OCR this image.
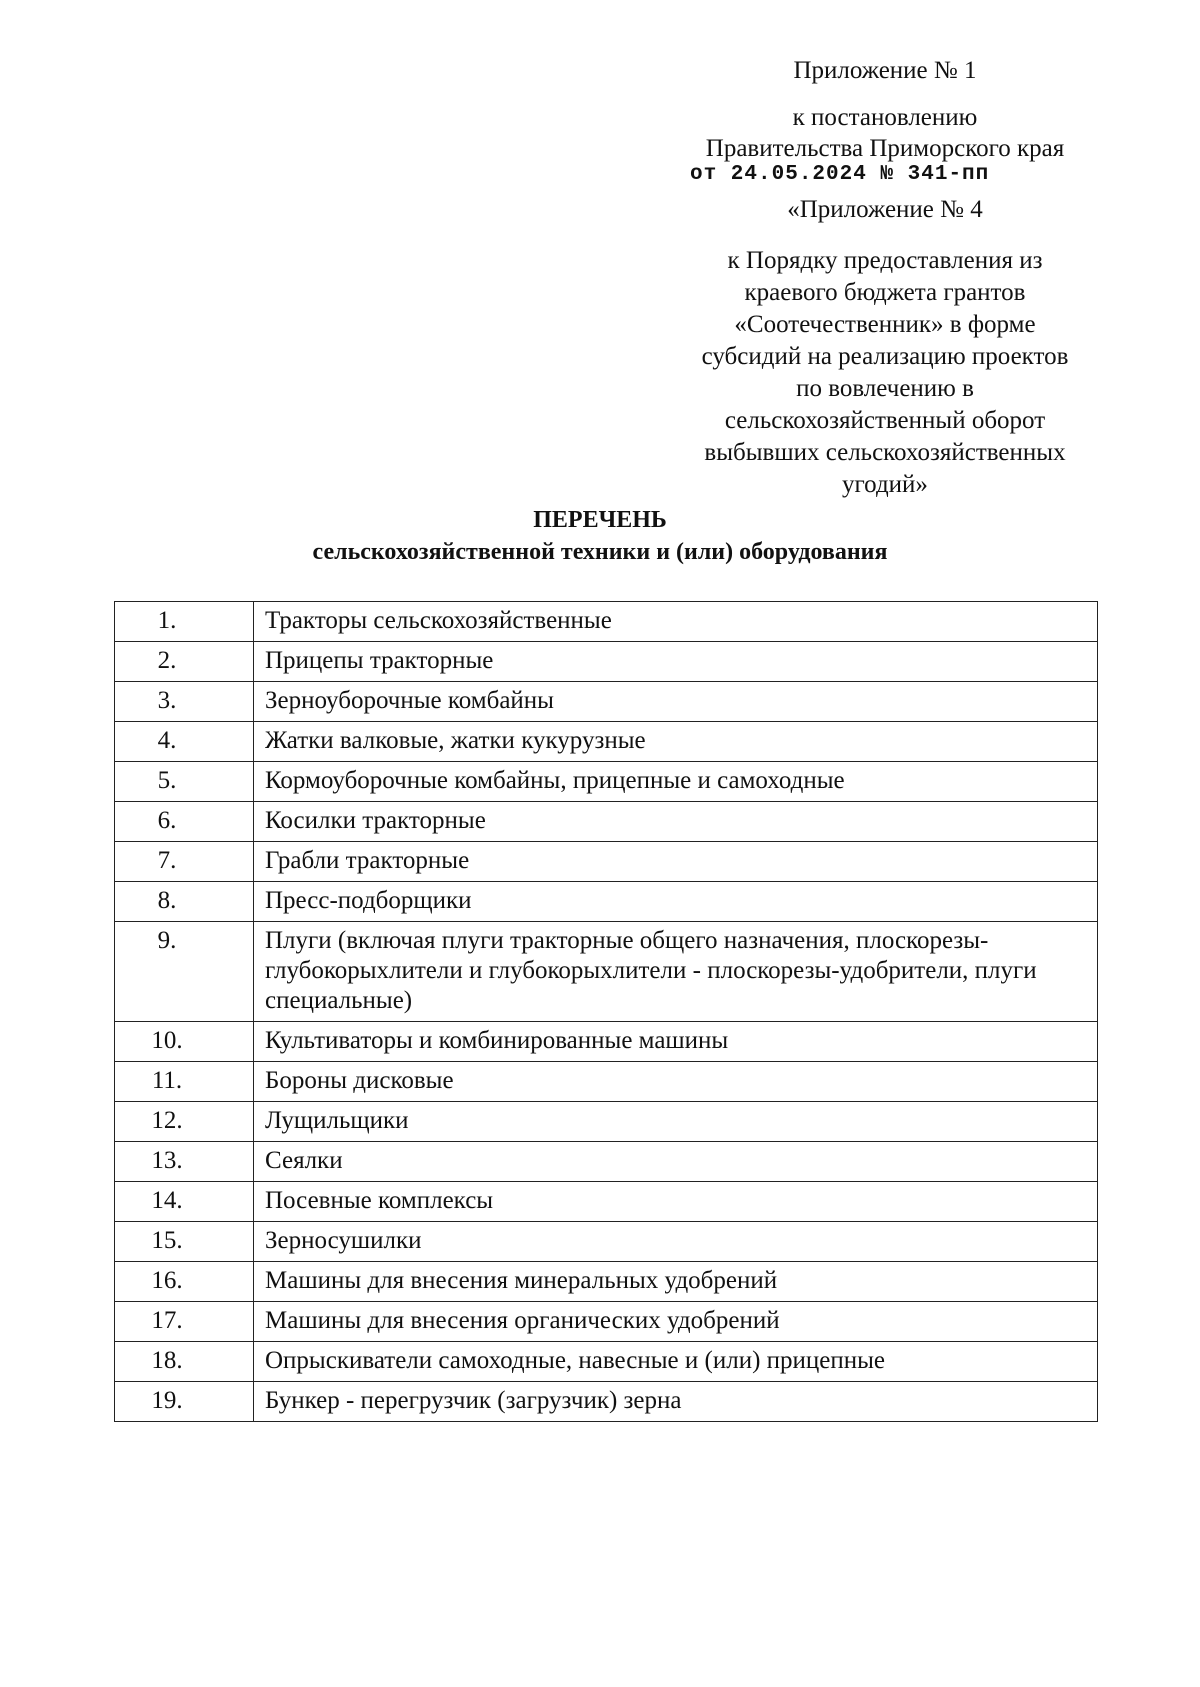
Приложение № 1
к постановлению
Правительства Приморского края
от 24.05.2024 № 341-пп
«Приложение № 4
к Порядку предоставления из
краевого бюджета грантов
«Соотечественник» в форме
субсидий на реализацию проектов
по вовлечению в
сельскохозяйственный оборот
выбывших сельскохозяйственных
угодий»
ПЕРЕЧЕНЬ
сельскохозяйственной техники и (или) оборудования
1.	Тракторы сельскохозяйственные
2.	Прицепы тракторные
3.	Зерноуборочные комбайны
4.	Жатки валковые, жатки кукурузные
5.	Кормоуборочные комбайны, прицепные и самоходные
6.	Косилки тракторные
7.	Грабли тракторные
8.	Пресс-подборщики
9.	Плуги (включая плуги тракторные общего назначения, плоскорезы-глубокорыхлители и глубокорыхлители - плоскорезы-удобрители, плуги специальные)
10.	Культиваторы и комбинированные машины
11.	Бороны дисковые
12.	Лущильщики
13.	Сеялки
14.	Посевные комплексы
15.	Зерносушилки
16.	Машины для внесения минеральных удобрений
17.	Машины для внесения органических удобрений
18.	Опрыскиватели самоходные, навесные и (или) прицепные
19.	Бункер - перегрузчик (загрузчик) зерна
